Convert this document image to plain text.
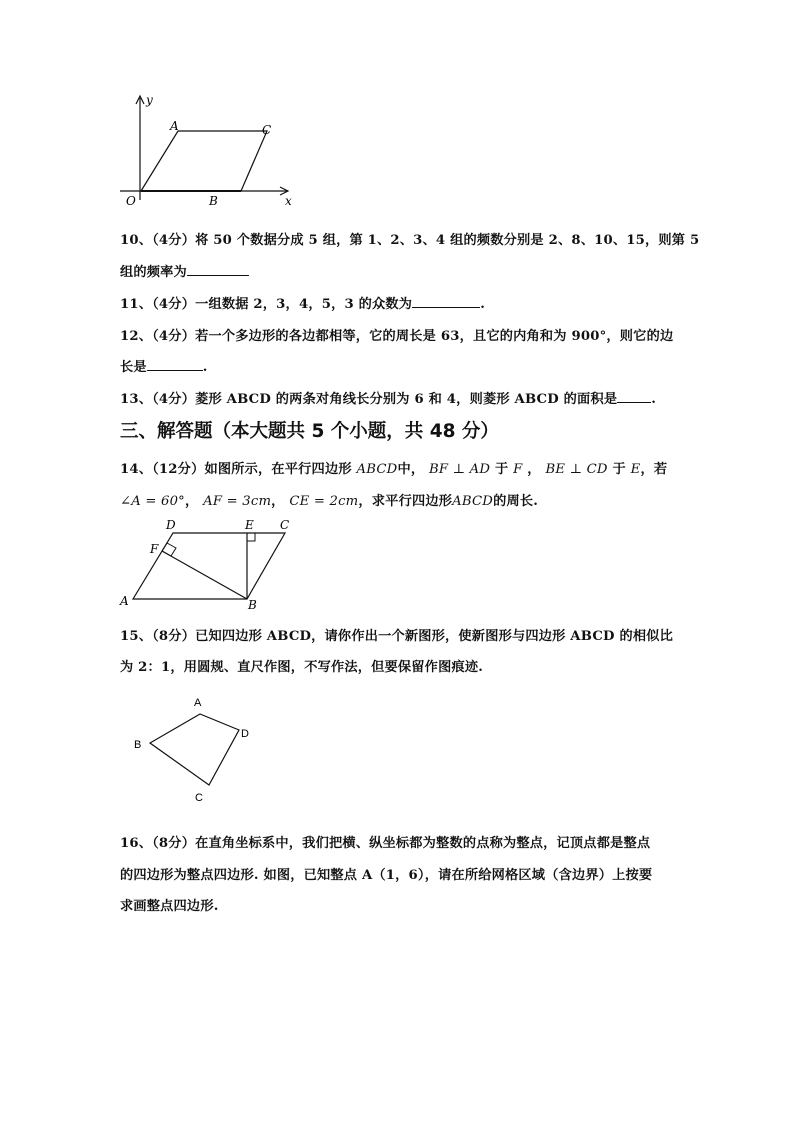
y
x
O
A
B
C
10、（4分）将 50 个数据分成 5 组，第 1、2、3、4 组的频数分别是 2、8、10、15，则第 5
组的频率为
11、（4分）一组数据 2，3，4，5，3 的众数为	.
12、（4分）若一个多边形的各边都相等，它的周长是 63，且它的内角和为 900°，则它的边
长是	.
13、（4分）菱形 ABCD 的两条对角线长分别为 6 和 4，则菱形 ABCD 的面积是	.
三、解答题（本大题共 5 个小题，共 48 分）
14、（12分）如图所示，在平行四边形 ABCD中， BF ⊥ AD 于 F ， BE ⊥ CD 于 E，若
∠A = 60°， AF = 3cm， CE = 2cm，求平行四边形ABCD的周长.
A	B
C
D	E
F
15、（8分）已知四边形 ABCD，请你作出一个新图形，使新图形与四边形 ABCD 的相似比
为 2：1，用圆规、直尺作图，不写作法，但要保留作图痕迹.
A
B
C
D
16、（8分）在直角坐标系中，我们把横、纵坐标都为整数的点称为整点，记顶点都是整点
的四边形为整点四边形. 如图，已知整点 A（1，6），请在所给网格区域（含边界）上按要
求画整点四边形.
